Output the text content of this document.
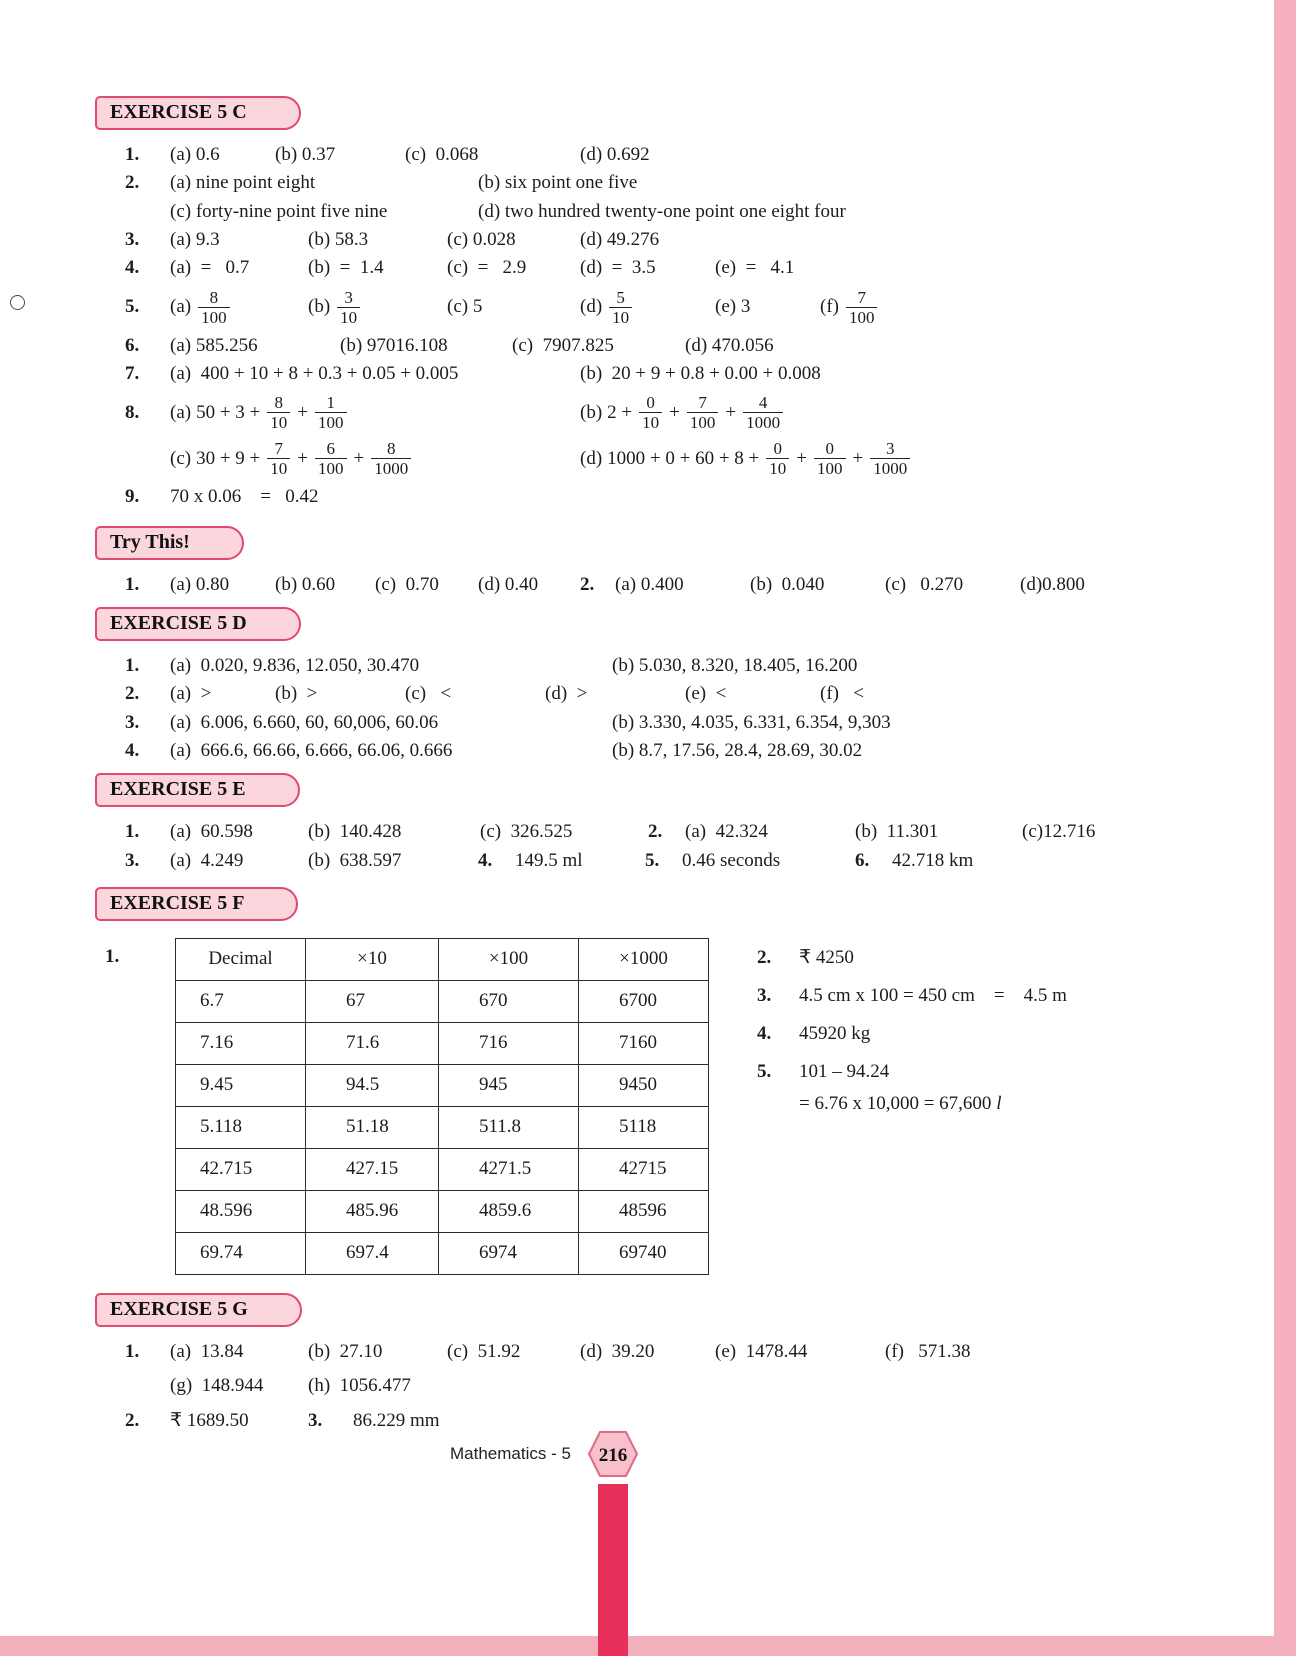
EXERCISE 5 C
1.	(a) 0.6	(b) 0.37	(c)  0.068	(d) 0.692
2.	(a) nine point eight	(b) six point one five
(c) forty-nine point five nine	(d) two hundred twenty-one point one eight four
3.	(a) 9.3	(b) 58.3	(c) 0.028	(d) 49.276
4.	(a)  =   0.7	(b)  =  1.4	(c)  =   2.9	(d)  =  3.5	(e)  =   4.1
5.	$(a) \frac{8}{100}$	$(b) \frac{3}{10}$	(c) 5	$(d) \frac{5}{10}$	(e) 3	$(f) \frac{7}{100}$
6.	(a) 585.256	(b) 97016.108	(c)  7907.825	(d) 470.056
7.	(a)  400 + 10 + 8 + 0.3 + 0.05 + 0.005	(b)  20 + 9 + 0.8 + 0.00 + 0.008
8.	(a) $50 + 3 + \frac{8}{10} + \frac{1}{100}$	(b) $2 + \frac{0}{10} + \frac{7}{100} + \frac{4}{1000}$
(c) $30 + 9 + \frac{7}{10} + \frac{6}{100} + \frac{8}{1000}$	(d) $1000 + 0 + 60 + 8 + \frac{0}{10} + \frac{0}{100} + \frac{3}{1000}$
9.	70 x 0.06    =   0.42
Try This!
1.	(a) 0.80	(b) 0.60	(c)  0.70	(d) 0.40	2.	(a) 0.400	(b)  0.040	(c)   0.270	(d)0.800
EXERCISE 5 D
1.	(a)  0.020, 9.836, 12.050, 30.470	(b) 5.030, 8.320, 18.405, 16.200
2.	(a)  >	(b)  >	(c)   <	(d)  >	(e)  <	(f)   <
3.	(a)  6.006, 6.660, 60, 60,006, 60.06	(b) 3.330, 4.035, 6.331, 6.354, 9,303
4.	(a)  666.6, 66.66, 6.666, 66.06, 0.666	(b) 8.7, 17.56, 28.4, 28.69, 30.02
EXERCISE 5 E
1.	(a)  60.598	(b)  140.428	(c)  326.525	2.	(a)  42.324	(b)  11.301	(c)12.716
3.	(a)  4.249	(b)  638.597	4.	149.5 ml	5.	0.46 seconds	6.	42.718 km
EXERCISE 5 F
1.	Decimal	×10	×100	×1000
6.7	67	670	6700
7.16	71.6	716	7160
9.45	94.5	945	9450
5.118	51.18	511.8	5118
42.715	427.15	4271.5	42715
48.596	485.96	4859.6	48596
69.74	697.4	6974	69740
2.	₹ 4250
3.	4.5 cm x 100 = 450 cm    =    4.5 m
4.	45920 kg
5.	101 – 94.24
= 6.76 x 10,000 = 67,600 l
EXERCISE 5 G
1.	(a)  13.84	(b)  27.10	(c)  51.92	(d)  39.20	(e)  1478.44	(f)   571.38
(g)  148.944	(h)  1056.477
2.	₹ 1689.50	3.	86.229 mm
Mathematics - 5 216
